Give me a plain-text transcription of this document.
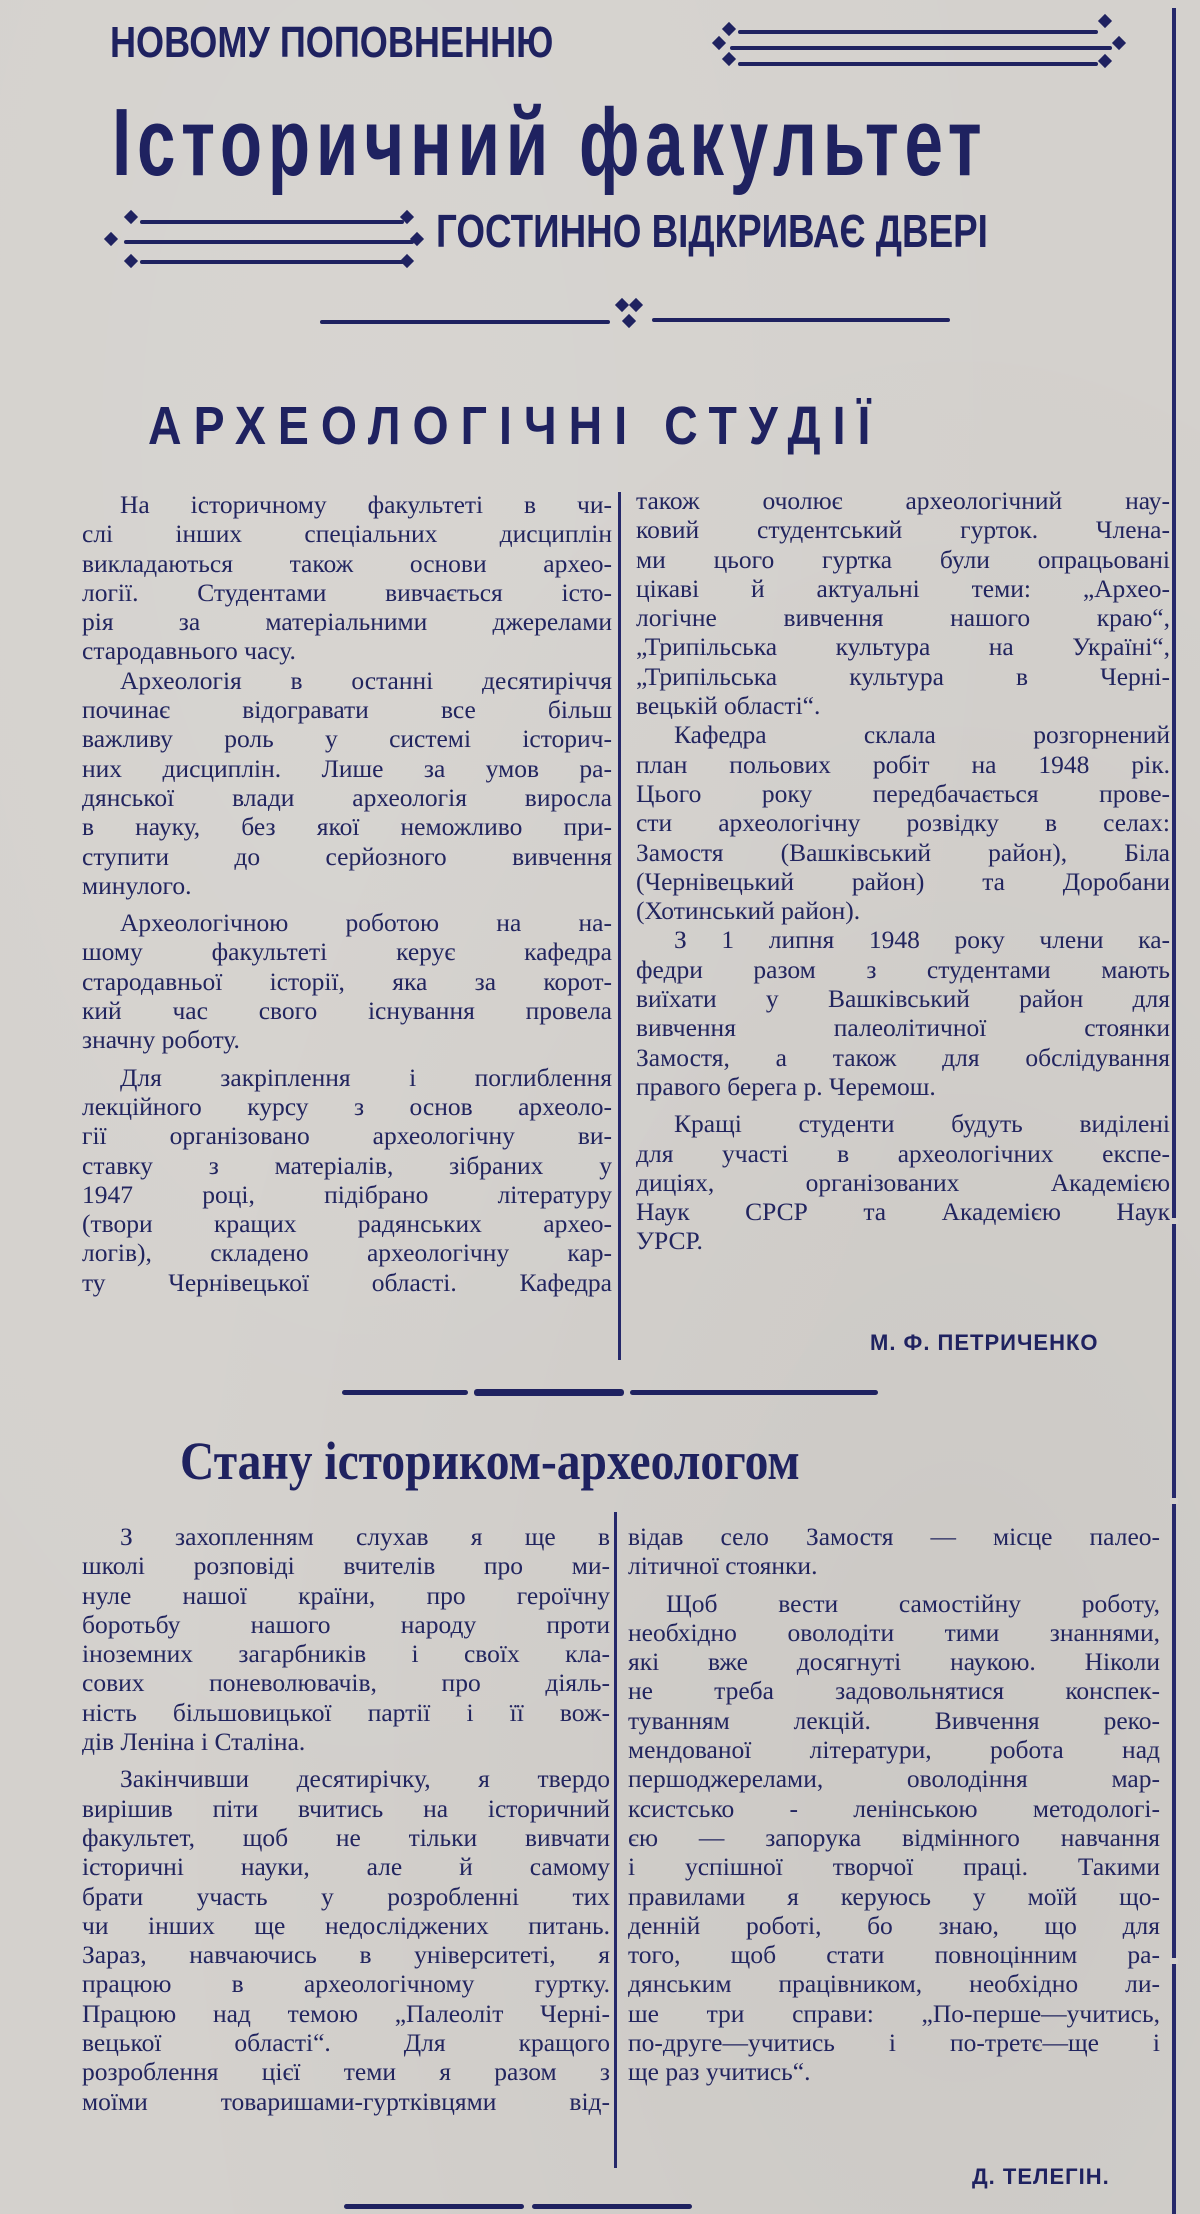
НОВОМУ ПОПОВНЕННЮ
Історичний факультет
ГОСТИННО ВІДКРИВАЄ ДВЕРІ
АРХЕОЛОГІЧНІ СТУДІЇ
На історичному факультеті в чи-
слі інших спеціальних дисциплін
викладаються також основи архео-
логії. Студентами вивчається істо-
рія за матеріальними джерелами
стародавнього часу.
Археологія в останні десятиріччя
починає відогравати все більш
важливу роль у системі історич-
них дисциплін. Лише за умов ра-
дянської влади археологія виросла
в науку, без якої неможливо при-
ступити до серйозного вивчення
минулого.
Археологічною роботою на на-
шому факультеті керує кафедра
стародавньої історії, яка за корот-
кий час свого існування провела
значну роботу.
Для закріплення і поглиблення
лекційного курсу з основ археоло-
гії організовано археологічну ви-
ставку з матеріалів, зібраних у
1947 році, підібрано літературу
(твори кращих радянських архео-
логів), складено археологічну кар-
ту Чернівецької області. Кафедра
також очолює археологічний нау-
ковий студентський гурток. Члена-
ми цього гуртка були опрацьовані
цікаві й актуальні теми: „Архео-
логічне вивчення нашого краю“,
„Трипільська культура на Україні“,
„Трипільська культура в Черні-
вецькій області“.
Кафедра склала розгорнений
план польових робіт на 1948 рік.
Цього року передбачається прове-
сти археологічну розвідку в селах:
Замостя (Вашківський район), Біла
(Чернівецький район) та Доробани
(Хотинський район).
З 1 липня 1948 року члени ка-
федри разом з студентами мають
виїхати у Вашківський район для
вивчення палеолітичної стоянки
Замостя, а також для обслідування
правого берега р. Черемош.
Кращі студенти будуть виділені
для участі в археологічних експе-
диціях, організованих Академією
Наук СРСР та Академією Наук
УРСР.
М. Ф. ПЕТРИЧЕНКО
Стану істориком-археологом
З захопленням слухав я ще в
школі розповіді вчителів про ми-
нуле нашої країни, про героїчну
боротьбу нашого народу проти
іноземних загарбників і своїх кла-
сових поневолювачів, про діяль-
ність більшовицької партії і її вож-
дів Леніна і Сталіна.
Закінчивши десятирічку, я твердо
вирішив піти вчитись на історичний
факультет, щоб не тільки вивчати
історичні науки, але й самому
брати участь у розробленні тих
чи інших ще недосліджених питань.
Зараз, навчаючись в університеті, я
працюю в археологічному гуртку.
Працюю над темою „Палеоліт Черні-
вецької області“. Для кращого
розроблення цієї теми я разом з
моїми товаришами-гуртківцями від-
відав село Замостя — місце палео-
літичної стоянки.
Щоб вести самостійну роботу,
необхідно оволодіти тими знаннями,
які вже досягнуті наукою. Ніколи
не треба задовольнятися конспек-
туванням лекцій. Вивчення реко-
мендованої літератури, робота над
першоджерелами, оволодіння мар-
ксистсько - ленінською методологі-
єю — запорука відмінного навчання
і успішної творчої праці. Такими
правилами я керуюсь у моїй що-
денній роботі, бо знаю, що для
того, щоб стати повноцінним ра-
дянським працівником, необхідно ли-
ше три справи: „По-перше—учитись,
по-друге—учитись і по-третє—ще і
ще раз учитись“.
Д. ТЕЛЕГІН.
